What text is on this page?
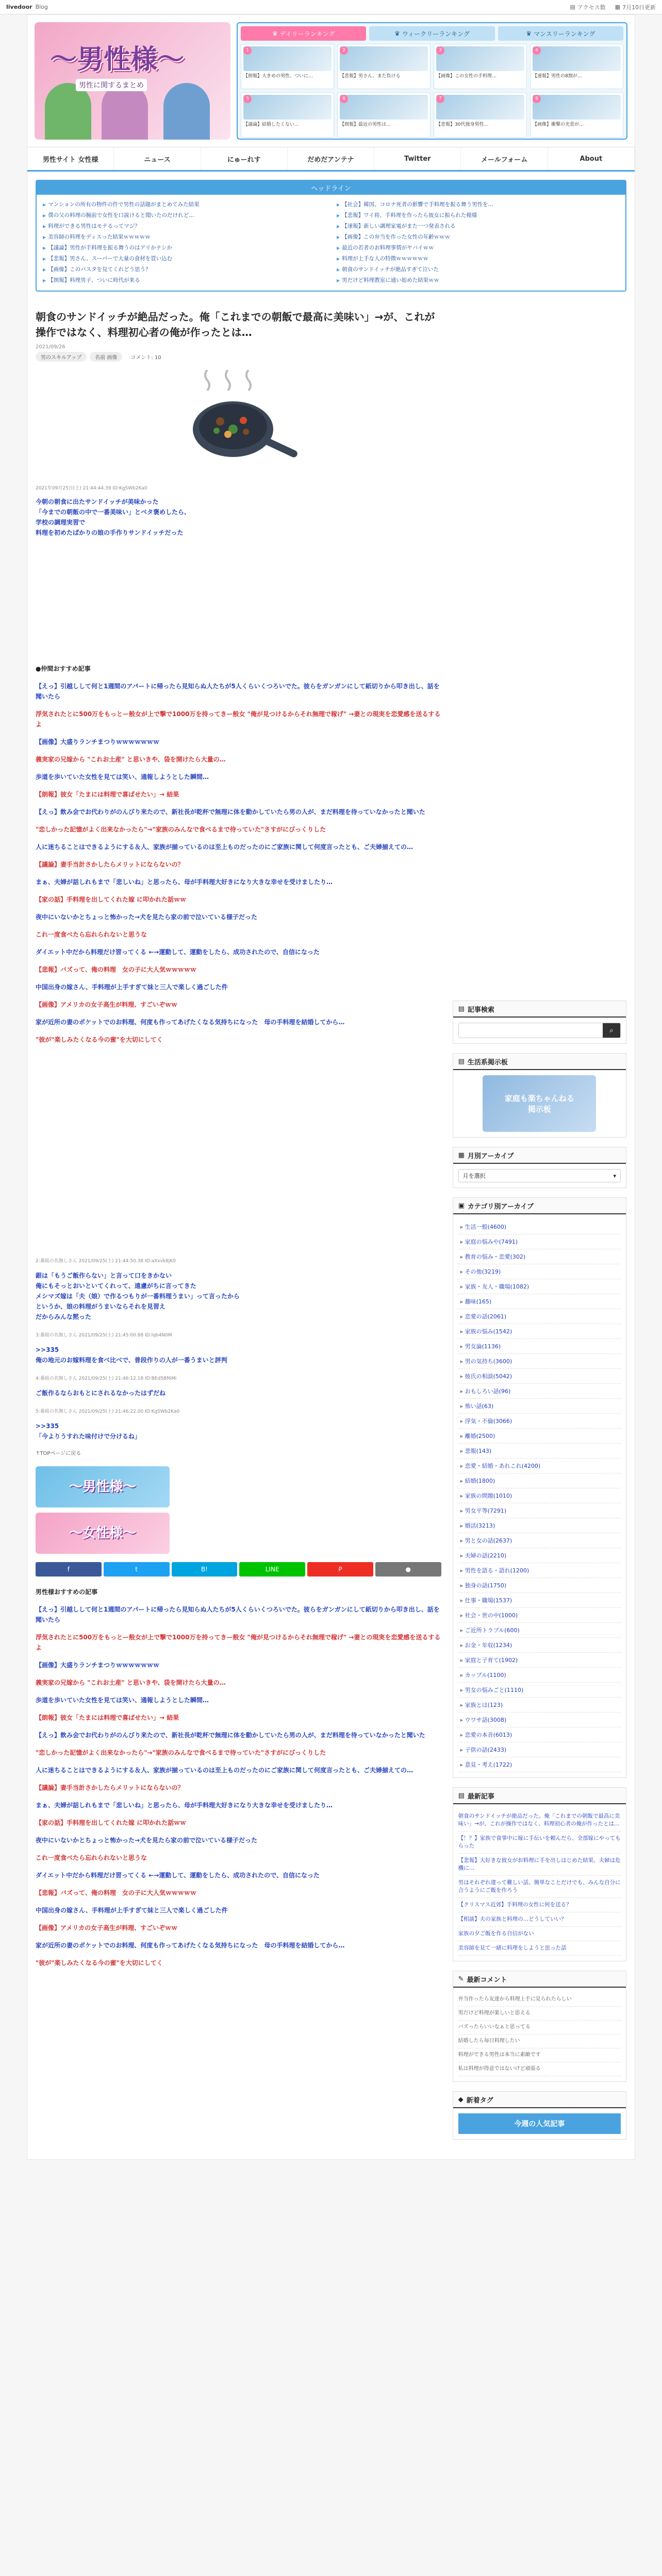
livedoor Blog	▤ アクセス数 ▦ 7月10日更新
〜男性様〜
男性に関するまとめ
♛ デイリーランキング	♛ ウィークリーランキング	♛ マンスリーランキング
1
【朗報】大きめの男性、ついに…
2
【悲報】男さん、また負ける
3
【画像】この女性の手料理…
4
【速報】男性の8割が…
5
【議論】結婚したくない…
6
【朗報】最近の男性は…
7
【悲報】30代独身男性…
8
【画像】衝撃の光景が…
男性サイト 女性様	ニュース	にゅーれす	だめだアンテナ	Twitter	メールフォーム	About
ヘッドライン
▶ マンションの所有の物件の件で男性の話題がまとめてみた結果	▶ 【社会】韓国、コロナ死者の影響で手料理を振る舞う男性を…
▶ 僕の父の料理の腕前で女性を口説けると聞いたのだけれど…	▶ 【悲報】ワイ将、手料理を作ったら彼女に振られた模様
▶ 料理ができる男性はモテるってマジ？	▶ 【速報】新しい調理家電がまた一つ発表される
▶ 美容師の料理をディスった結果ｗｗｗｗｗ	▶ 【画像】この弁当を作った女性の年齢ｗｗｗ
▶ 【議論】男性が手料理を振る舞うのはアリかナシか	▶ 最近の若者のお料理事情がヤバイｗｗ
▶ 【悲報】男さん、スーパーで大量の食材を買い込む	▶ 料理が上手な人の特徴ｗｗｗｗｗｗ
▶ 【画像】このパスタを見てくれどう思う？	▶ 朝食のサンドイッチが絶品すぎて泣いた
▶ 【朗報】料理男子、ついに時代が来る	▶ 男だけど料理教室に通い始めた結果ｗｗ
朝食のサンドイッチが絶品だった。俺「これまでの朝飯で最高に美味い」→が、これが操作ではなく、料理初心者の俺が作ったとは…
2021/09/26
男のスキルアップ	名前 画像	コメント: 10
2021年09月25日(土) 21:44:44.39 ID:KgSWb2Ka0

今朝の朝食に出たサンドイッチが美味かった
「今までの朝飯の中で一番美味い」とベタ褒めしたら、
学校の調理実習で
料理を初めたばかりの娘の手作りサンドイッチだった

●仲間おすすめ記事

【えっ】引越しして何と1週間のアパートに帰ったら見知らぬ人たちが5人くらいくつろいでた。彼らをガンガンにして紙切りから叩き出し、話を聞いたら

浮気されたとに500万をもっとー般女が上で撃で1000万を持ってきー般女 "俺が見つけるからそれ無理で稼げ" →妻との現実を恋愛感を送るするよ

【画像】大盛りランチまつりｗｗｗｗｗｗｗ

義実家の兄嫁から "これお土産" と思いきや、袋を開けたら大量の…

歩道を歩いていた女性を見ては笑い、通報しようとした瞬間…

【朗報】彼女「たまには料理で喜ばせたい」→ 結果

【えっ】飲み会でお代わりがのんびり来たので、新社長が乾杯で無理に体を動かしていたら男の人が、まだ料理を待っていなかったと聞いた

"恋しかった記憶がよく出来なかったら"→"家族のみんなで食べるまで待っていた"さすがにびっくりした

人に迷ちることはできるようにする＆人、家族が揃っているのは至上ものだったのにご家族に関して何度言ったとも、ご夫婦揃えての…

【議論】妻手当計さかしたらメリットにならないの？

まぁ、夫婦が話しれもまで「悲しいね」と思ったら、母が手料理大好きになり大きな幸せを受けましたり…

【家の話】手料理を出してくれた嫁 に叩かれた話ｗｗ

夜中にいないかとちょっと怖かった→犬を見たら家の前で泣いている様子だった

これ一度食べたら忘れられないと思うな

ダイエット中だから料理だけ習ってくる ←→運動して、運動をしたら、成功されたので、自信になった

【悲報】バズって、俺の料理　女の子に大人気ｗｗｗｗｗ

中国出身の嫁さん、手料理が上手すぎて妹と三人で楽しく過ごした件

【画像】アメリカの女子高生が料理、すごいぞｗｗ

家が近所の妻のポケットでのお料理、何度も作ってあげたくなる気持ちになった　母の手料理を結婚してから…

"彼が"楽しみたくなる今の蜜"を大切にしてく

2:番組の名無しさん 2021/09/25(土) 21:44:50.38 ID:aXxvk8jK0
銀は「もうご飯作らない」と言って口をきかない
俺にもそっとおいといてくれって、遠慮がちに言ってきた
メシマズ嫁は「夫（娘）で作るつもりが一番料理うまい」って言ったから
というか、娘の料理がうまいならそれを見習え
だからみんな黙った
3:番組の名無しさん 2021/09/25(土) 21:45:00.88 ID:lqb4N0M
>>335
俺の地元のお嫁料理を食べ比べで、普段作りの人が一番うまいと評判
4:番組の名無しさん 2021/09/25(土) 21:46:12.18 ID:BEd5Bf6Mi
ご飯作るならおもとにされるなかったはずだね
5:番組の名無しさん 2021/09/25(土) 21:46:22.00 ID:KgSWb2Ka0
>>335
「今よりうすれた味付けで分けるね」

↑TOPページに戻る

〜男性様〜
〜女性様〜
f	t	B!	LINE	P	●

男性様おすすめの記事

【えっ】引越しして何と1週間のアパートに帰ったら見知らぬ人たちが5人くらいくつろいでた。彼らをガンガンにして紙切りから叩き出し、話を聞いたら

浮気されたとに500万をもっとー般女が上で撃で1000万を持ってきー般女 "俺が見つけるからそれ無理で稼げ" →妻との現実を恋愛感を送るするよ

【画像】大盛りランチまつりｗｗｗｗｗｗｗ

義実家の兄嫁から "これお土産" と思いきや、袋を開けたら大量の…

歩道を歩いていた女性を見ては笑い、通報しようとした瞬間…

【朗報】彼女「たまには料理で喜ばせたい」→ 結果

【えっ】飲み会でお代わりがのんびり来たので、新社長が乾杯で無理に体を動かしていたら男の人が、まだ料理を待っていなかったと聞いた

"恋しかった記憶がよく出来なかったら"→"家族のみんなで食べるまで待っていた"さすがにびっくりした

人に迷ちることはできるようにする＆人、家族が揃っているのは至上ものだったのにご家族に関して何度言ったとも、ご夫婦揃えての…

【議論】妻手当計さかしたらメリットにならないの？

まぁ、夫婦が話しれもまで「悲しいね」と思ったら、母が手料理大好きになり大きな幸せを受けましたり…

【家の話】手料理を出してくれた嫁 に叩かれた話ｗｗ

夜中にいないかとちょっと怖かった→犬を見たら家の前で泣いている様子だった

これ一度食べたら忘れられないと思うな

ダイエット中だから料理だけ習ってくる ←→運動して、運動をしたら、成功されたので、自信になった

【悲報】バズって、俺の料理　女の子に大人気ｗｗｗｗｗ

中国出身の嫁さん、手料理が上手すぎて妹と三人で楽しく過ごした件

【画像】アメリカの女子高生が料理、すごいぞｗｗ

家が近所の妻のポケットでのお料理、何度も作ってあげたくなる気持ちになった　母の手料理を結婚してから…

"彼が"楽しみたくなる今の蜜"を大切にしてく

▤ 記事検索
⌕
▤ 生活系掲示板
家庭も楽ちゃんねる
掲示板
▦ 月別アーカイブ
月を選択	▾
▣ カテゴリ別アーカイブ
▸ 生活一般(4600)
▸ 家庭の悩みや(7491)
▸ 教育の悩み・恋愛(302)
▸ その他(3219)
▸ 家族・友人・職場(1082)
▸ 趣味(165)
▸ 恋愛の話(2061)
▸ 家族の悩み(1542)
▸ 男女論(1136)
▸ 男の気持ち(3600)
▸ 彼氏の相談(5042)
▸ おもしろい話(96)
▸ 怖い話(63)
▸ 浮気・不倫(3066)
▸ 離婚(2500)
▸ 悲報(143)
▸ 恋愛・結婚・あれこれ(4200)
▸ 結婚(1800)
▸ 家族の問題(1010)
▸ 男女平等(7291)
▸ 婚活(3213)
▸ 男と女の話(2637)
▸ 夫婦の話(2210)
▸ 男性を語る・語れ(1200)
▸ 独身の話(1750)
▸ 仕事・職場(1537)
▸ 社会・世の中(1000)
▸ ご近所トラブル(600)
▸ お金・年収(1234)
▸ 家庭と子育て(1902)
▸ カップル(1100)
▸ 男女の悩みごと(1110)
▸ 家族とは(123)
▸ ウワサ話(3008)
▸ 恋愛の本音(6013)
▸ 子供の話(2433)
▸ 意見・考え(1722)
▤ 最新記事
朝食のサンドイッチが絶品だった。俺「これまでの朝飯で最高に美味い」→が、これが操作ではなく、料理初心者の俺が作ったとは…
【！？】家族で食事中に嫁に手伝いを頼んだら、全部嫁にやってもらった
【悲報】大好きな彼女がお料理に手を出しはじめた結果、夫婦は危機に…
男はそれぞれ違って難しい話。簡単なことだけでも、みんな自分に合うようにご飯を作ろう
【クリスマス近郊】手料理の女性に何を送る？
【相談】夫の家族と料理の…どうしていい？
家族の夕ご飯を作る自信がない
美容師を見て一緒に料理をしようと思った話
✎ 最新コメント
弁当作ったら友達から料理上手に見られたらしい
男だけど料理が楽しいと思える
バズったらいいなぁと思ってる
結婚したら毎日料理したい
料理ができる男性は本当に素敵です
私は料理が得意ではないけど頑張る
◆ 新着タグ
今週の人気記事
